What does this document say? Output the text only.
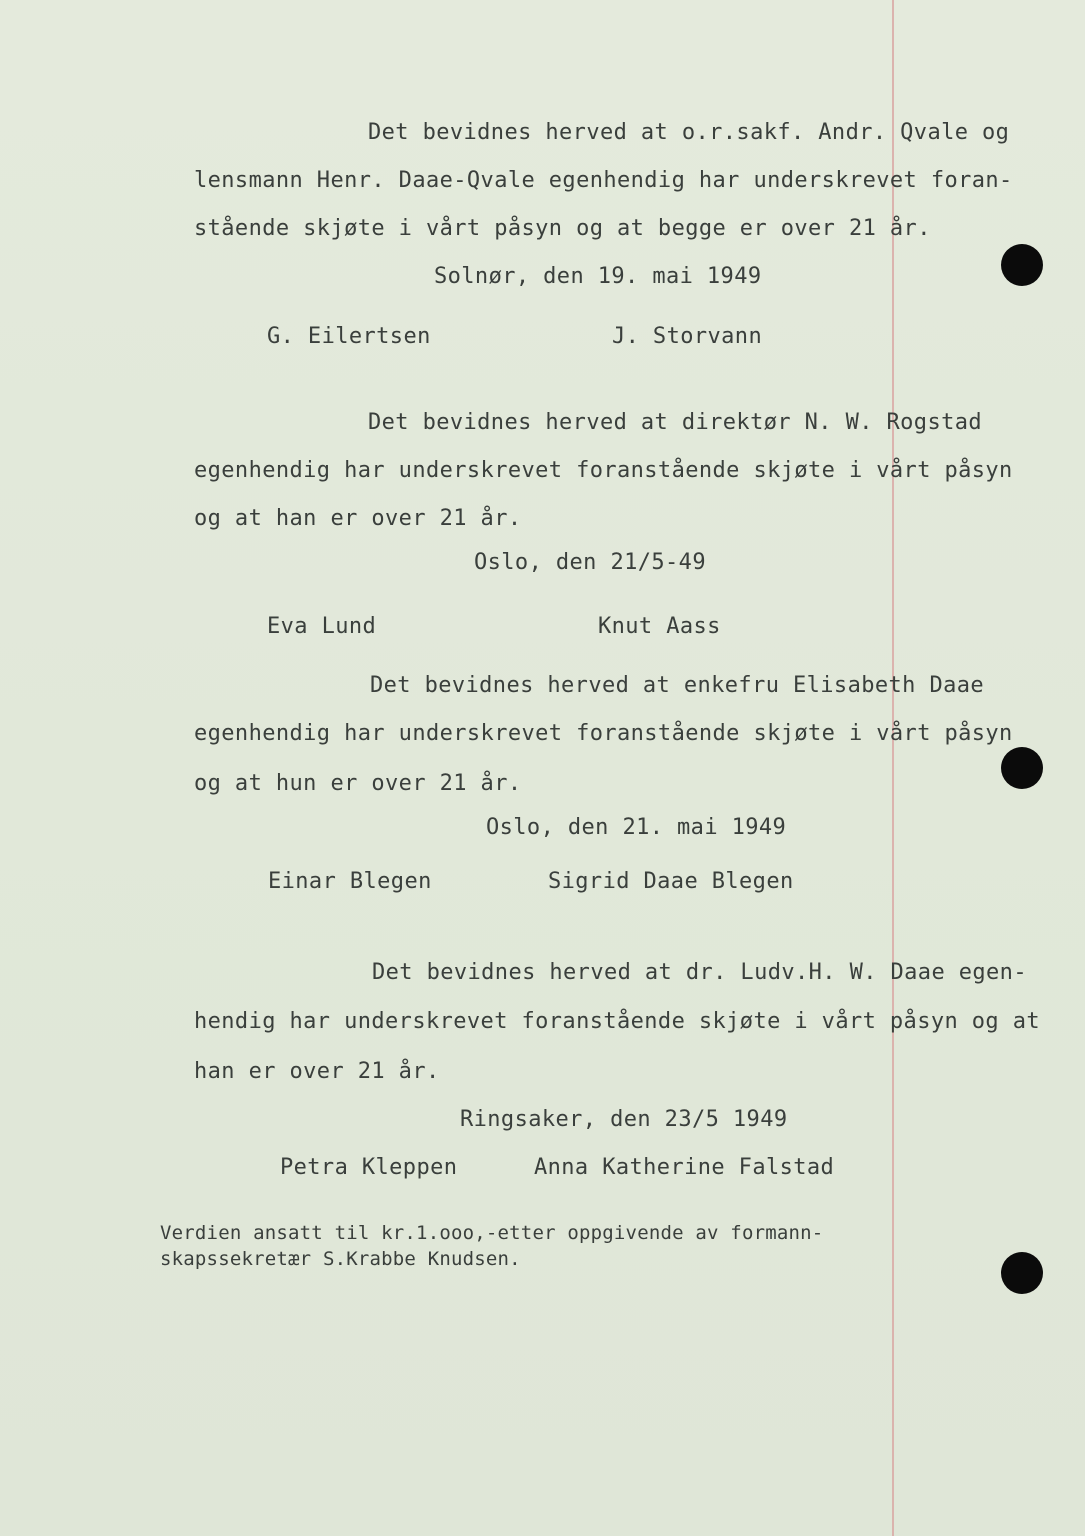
Det bevidnes herved at o.r.sakf. Andr. Qvale og
lensmann Henr. Daae-Qvale egenhendig har underskrevet foran-
stående skjøte i vårt påsyn og at begge er over 21 år.
Solnør, den 19. mai 1949
G. Eilertsen	J. Storvann
Det bevidnes herved at direktør N. W. Rogstad
egenhendig har underskrevet foranstående skjøte i vårt påsyn
og at han er over 21 år.
Oslo, den 21/5-49
Eva Lund	Knut Aass
Det bevidnes herved at enkefru Elisabeth Daae
egenhendig har underskrevet foranstående skjøte i vårt påsyn
og at hun er over 21 år.
Oslo, den 21. mai 1949
Einar Blegen	Sigrid Daae Blegen
Det bevidnes herved at dr. Ludv.H. W. Daae egen-
hendig har underskrevet foranstående skjøte i vårt påsyn og at
han er over 21 år.
Ringsaker, den 23/5 1949
Petra Kleppen	Anna Katherine Falstad
Verdien ansatt til kr.1.ooo,-etter oppgivende av formann-
skapssekretær S.Krabbe Knudsen.
